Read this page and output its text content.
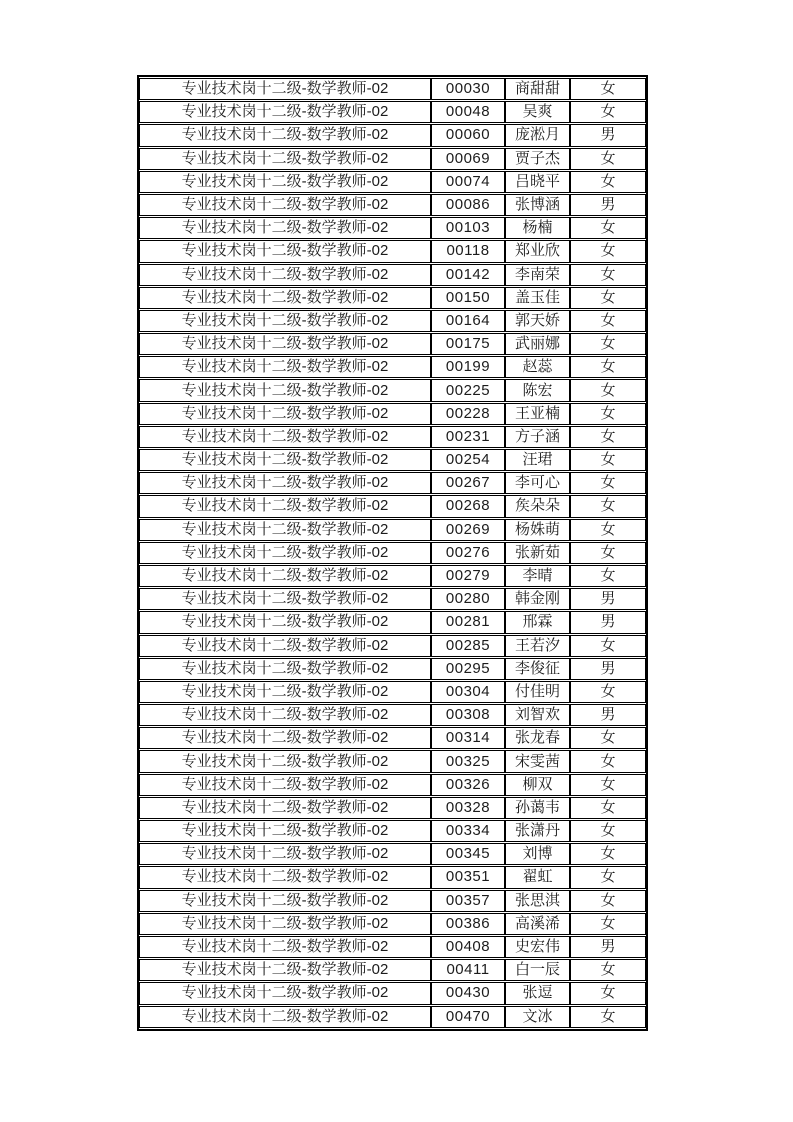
专业技术岗十二级-数学教师-02	00030	商甜甜	女
专业技术岗十二级-数学教师-02	00048	吴爽	女
专业技术岗十二级-数学教师-02	00060	庞淞月	男
专业技术岗十二级-数学教师-02	00069	贾子杰	女
专业技术岗十二级-数学教师-02	00074	吕晓平	女
专业技术岗十二级-数学教师-02	00086	张博涵	男
专业技术岗十二级-数学教师-02	00103	杨楠	女
专业技术岗十二级-数学教师-02	00118	郑业欣	女
专业技术岗十二级-数学教师-02	00142	李南荣	女
专业技术岗十二级-数学教师-02	00150	盖玉佳	女
专业技术岗十二级-数学教师-02	00164	郭天娇	女
专业技术岗十二级-数学教师-02	00175	武丽娜	女
专业技术岗十二级-数学教师-02	00199	赵蕊	女
专业技术岗十二级-数学教师-02	00225	陈宏	女
专业技术岗十二级-数学教师-02	00228	王亚楠	女
专业技术岗十二级-数学教师-02	00231	方子涵	女
专业技术岗十二级-数学教师-02	00254	汪珺	女
专业技术岗十二级-数学教师-02	00267	李可心	女
专业技术岗十二级-数学教师-02	00268	矦朵朵	女
专业技术岗十二级-数学教师-02	00269	杨姝萌	女
专业技术岗十二级-数学教师-02	00276	张新茹	女
专业技术岗十二级-数学教师-02	00279	李晴	女
专业技术岗十二级-数学教师-02	00280	韩金刚	男
专业技术岗十二级-数学教师-02	00281	邢霖	男
专业技术岗十二级-数学教师-02	00285	王若汐	女
专业技术岗十二级-数学教师-02	00295	李俊征	男
专业技术岗十二级-数学教师-02	00304	付佳明	女
专业技术岗十二级-数学教师-02	00308	刘智欢	男
专业技术岗十二级-数学教师-02	00314	张龙春	女
专业技术岗十二级-数学教师-02	00325	宋雯茜	女
专业技术岗十二级-数学教师-02	00326	柳双	女
专业技术岗十二级-数学教师-02	00328	孙蔼韦	女
专业技术岗十二级-数学教师-02	00334	张潇丹	女
专业技术岗十二级-数学教师-02	00345	刘博	女
专业技术岗十二级-数学教师-02	00351	翟虹	女
专业技术岗十二级-数学教师-02	00357	张思淇	女
专业技术岗十二级-数学教师-02	00386	高溪浠	女
专业技术岗十二级-数学教师-02	00408	史宏伟	男
专业技术岗十二级-数学教师-02	00411	白一辰	女
专业技术岗十二级-数学教师-02	00430	张逗	女
专业技术岗十二级-数学教师-02	00470	文冰	女
